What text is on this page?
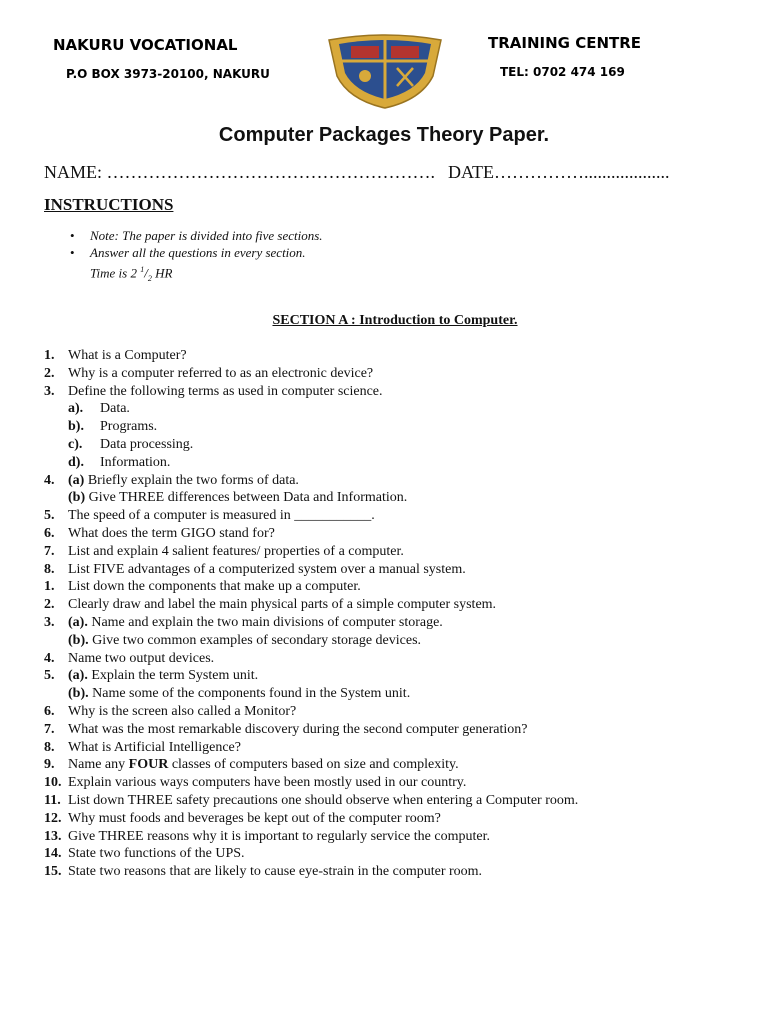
NAKURU VOCATIONAL
P.O BOX 3973-20100, NAKURU
TRAINING CENTRE
TEL: 0702 474 169
Computer Packages Theory Paper.
NAME: ………………………………………………. DATE……………...................
INSTRUCTIONS
• Note: The paper is divided into five sections.
• Answer all the questions in every section.
Time is 2 $^1/_2$ HR
SECTION A : Introduction to Computer.
1. What is a Computer?
2. Why is a computer referred to as an electronic device?
3. Define the following terms as used in computer science.
a). Data.
b). Programs.
c). Data processing.
d). Information.
4. (a) Briefly explain the two forms of data.
(b) Give THREE differences between Data and Information.
5. The speed of a computer is measured in ___________.
6. What does the term GIGO stand for?
7. List and explain 4 salient features/ properties of a computer.
8. List FIVE advantages of a computerized system over a manual system.
1. List down the components that make up a computer.
2. Clearly draw and label the main physical parts of a simple computer system.
3. (a). Name and explain the two main divisions of computer storage.
(b). Give two common examples of secondary storage devices.
4. Name two output devices.
5. (a). Explain the term System unit.
(b). Name some of the components found in the System unit.
6. Why is the screen also called a Monitor?
7. What was the most remarkable discovery during the second computer generation?
8. What is Artificial Intelligence?
9. Name any FOUR classes of computers based on size and complexity.
10. Explain various ways computers have been mostly used in our country.
11. List down THREE safety precautions one should observe when entering a Computer room.
12. Why must foods and beverages be kept out of the computer room?
13. Give THREE reasons why it is important to regularly service the computer.
14. State two functions of the UPS.
15. State two reasons that are likely to cause eye-strain in the computer room.
